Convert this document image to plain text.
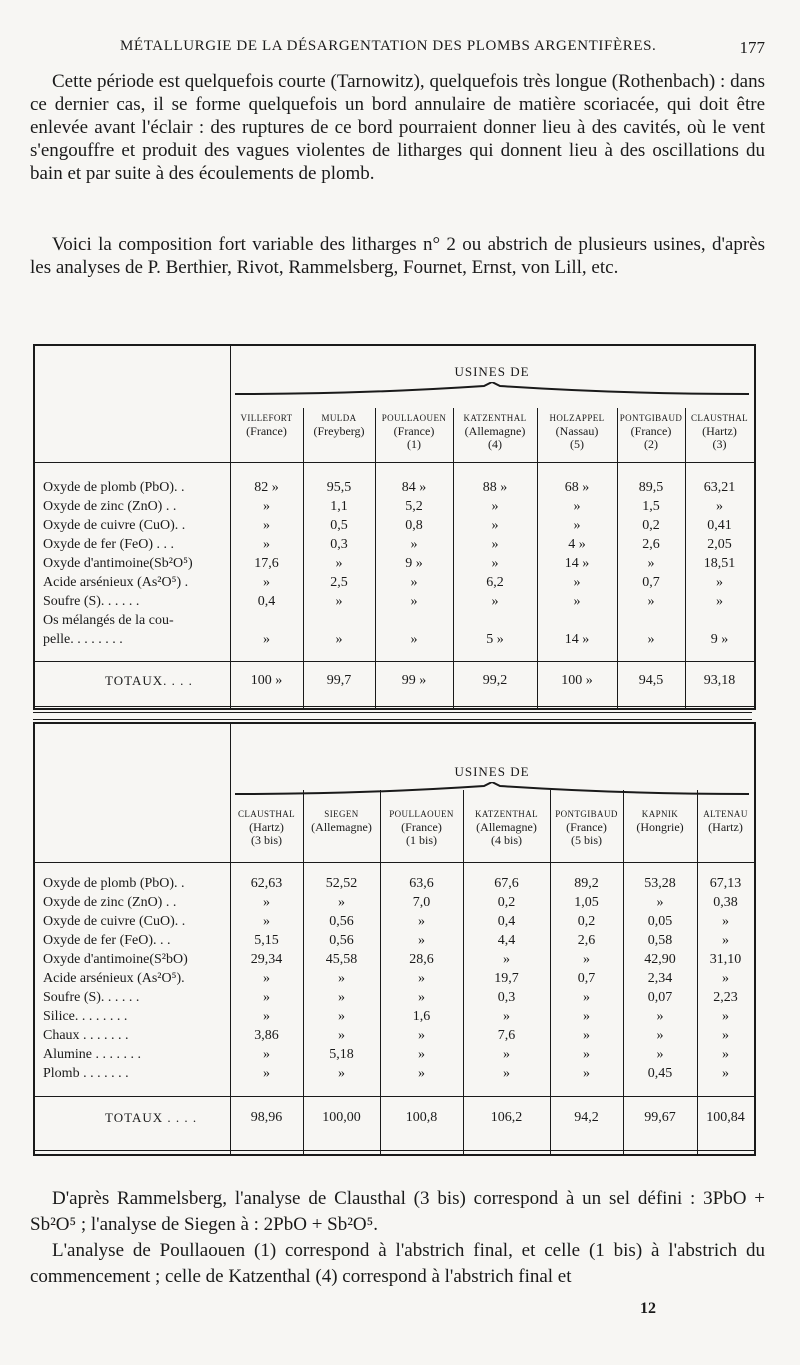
MÉTALLURGIE DE LA DÉSARGENTATION DES PLOMBS ARGENTIFÈRES.	177

Cette période est quelquefois courte (Tarnowitz), quelquefois très longue (Rothenbach) : dans ce dernier cas, il se forme quelquefois un bord annulaire de matière scoriacée, qui doit être enlevée avant l'éclair : des ruptures de ce bord pourraient donner lieu à des cavités, où le vent s'engouffre et produit des vagues violentes de litharges qui donnent lieu à des oscillations du bain et par suite à des écoulements de plomb.

Voici la composition fort variable des litharges n° 2 ou abstrich de plusieurs usines, d'après les analyses de P. Berthier, Rivot, Rammelsberg, Fournet, Ernst, von Lill, etc.

USINES DE
VILLEFORT
(France)
MULDA
(Freyberg)
POULLAOUEN
(France)
(1)
KATZENTHAL
(Allemagne)
(4)
HOLZAPPEL
(Nassau)
(5)
PONTGIBAUD
(France)
(2)
CLAUSTHAL
(Hartz)
(3)
Oxyde de plomb (PbO). .
Oxyde de zinc (ZnO) . .
Oxyde de cuivre (CuO). .
Oxyde de fer (FeO) . . .
Oxyde d'antimoine(Sb²O⁵)
Acide arsénieux (As²O⁵) .
Soufre (S). . . . . .
Os mélangés de la cou-
pelle. . . . . . . .
82 »
»
»
»
17,6
»
0,4
»
100 »
95,5
1,1
0,5
0,3
»
2,5
»
»
99,7
84 »
5,2
0,8
»
9 »
»
»
»
99 »
88 »
»
»
»
»
6,2
»
5 »
99,2
68 »
»
»
4 »
14 »
»
»
14 »
100 »
89,5
1,5
0,2
2,6
»
0,7
»
»
94,5
63,21
»
0,41
2,05
18,51
»
»
9 »
93,18
TOTAUX. . . .
USINES DE
CLAUSTHAL
(Hartz)
(3 bis)
SIEGEN
(Allemagne)
POULLAOUEN
(France)
(1 bis)
KATZENTHAL
(Allemagne)
(4 bis)
PONTGIBAUD
(France)
(5 bis)
KAPNIK
(Hongrie)
ALTENAU
(Hartz)
Oxyde de plomb (PbO). .
Oxyde de zinc (ZnO) . .
Oxyde de cuivre (CuO). .
Oxyde de fer (FeO). . .
Oxyde d'antimoine(S²bO)
Acide arsénieux (As²O⁵).
Soufre (S). . . . . .
Silice. . . . . . . .
Chaux . . . . . . .
Alumine . . . . . . .
Plomb . . . . . . .
62,63
»
»
5,15
29,34
»
»
»
3,86
»
»
98,96
52,52
»
0,56
0,56
45,58
»
»
»
»
5,18
»
100,00
63,6
7,0
»
»
28,6
»
»
1,6
»
»
»
100,8
67,6
0,2
0,4
4,4
»
19,7
0,3
»
7,6
»
»
106,2
89,2
1,05
0,2
2,6
»
0,7
»
»
»
»
»
94,2
53,28
»
0,05
0,58
42,90
2,34
0,07
»
»
»
0,45
99,67
67,13
0,38
»
»
31,10
»
2,23
»
»
»
»
100,84
TOTAUX . . . .

D'après Rammelsberg, l'analyse de Clausthal (3 bis) correspond à un sel défini : 3PbO + Sb²O⁵ ; l'analyse de Siegen à : 2PbO + Sb²O⁵.

L'analyse de Poullaouen (1) correspond à l'abstrich final, et celle (1 bis) à l'abstrich du commencement ; celle de Katzenthal (4) correspond à l'abstrich final et

12
